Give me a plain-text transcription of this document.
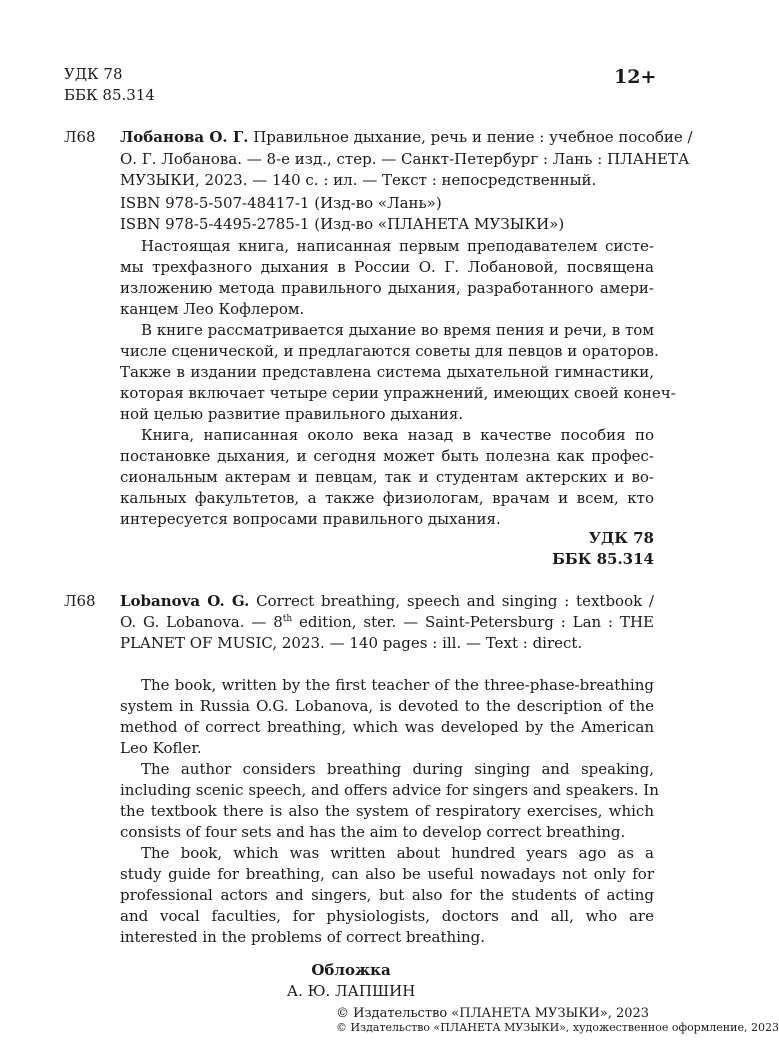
УДК 78
ББК 85.314
12+
Л68 Лобанова О. Г. Правильное дыхание, речь и пение : учебное пособие /
О. Г. Лобанова. — 8-е изд., стер. — Санкт-Петербург : Лань : ПЛАНЕТА
МУЗЫКИ, 2023. — 140 с. : ил. — Текст : непосредственный.
ISBN 978-5-507-48417-1 (Изд-во «Лань»)
ISBN 978-5-4495-2785-1 (Изд-во «ПЛАНЕТА МУЗЫКИ»)
Настоящая книга, написанная первым преподавателем систе-
мы трехфазного дыхания в России О. Г. Лобановой, посвящена
изложению метода правильного дыхания, разработанного амери-
канцем Лео Кофлером.
В книге рассматривается дыхание во время пения и речи, в том
числе сценической, и предлагаются советы для певцов и ораторов.
Также в издании представлена система дыхательной гимнастики,
которая включает четыре серии упражнений, имеющих своей конеч-
ной целью развитие правильного дыхания.
Книга, написанная около века назад в качестве пособия по
постановке дыхания, и сегодня может быть полезна как профес-
сиональным актерам и певцам, так и студентам актерских и во-
кальных факультетов, а также физиологам, врачам и всем, кто
интересуется вопросами правильного дыхания.
УДК 78
ББК 85.314
Л68 Lobanova O. G. Correct breathing, speech and singing : textbook /
O. G. Lobanova. — 8th edition, ster. — Saint-Petersburg : Lan : THE
PLANET OF MUSIC, 2023. — 140 pages : ill. — Text : direct.
The book, written by the first teacher of the three-phase-breathing
system in Russia O.G. Lobanova, is devoted to the description of the
method of correct breathing, which was developed by the American
Leo Kofler.
The author considers breathing during singing and speaking,
including scenic speech, and offers advice for singers and speakers. In
the textbook there is also the system of respiratory exercises, which
consists of four sets and has the aim to develop correct breathing.
The book, which was written about hundred years ago as a
study guide for breathing, can also be useful nowadays not only for
professional actors and singers, but also for the students of acting
and vocal faculties, for physiologists, doctors and all, who are
interested in the problems of correct breathing.
Обложка
А. Ю. ЛАПШИН
© Издательство «ПЛАНЕТА МУЗЫКИ», 2023
© Издательство «ПЛАНЕТА МУЗЫКИ», художественное оформление, 2023
